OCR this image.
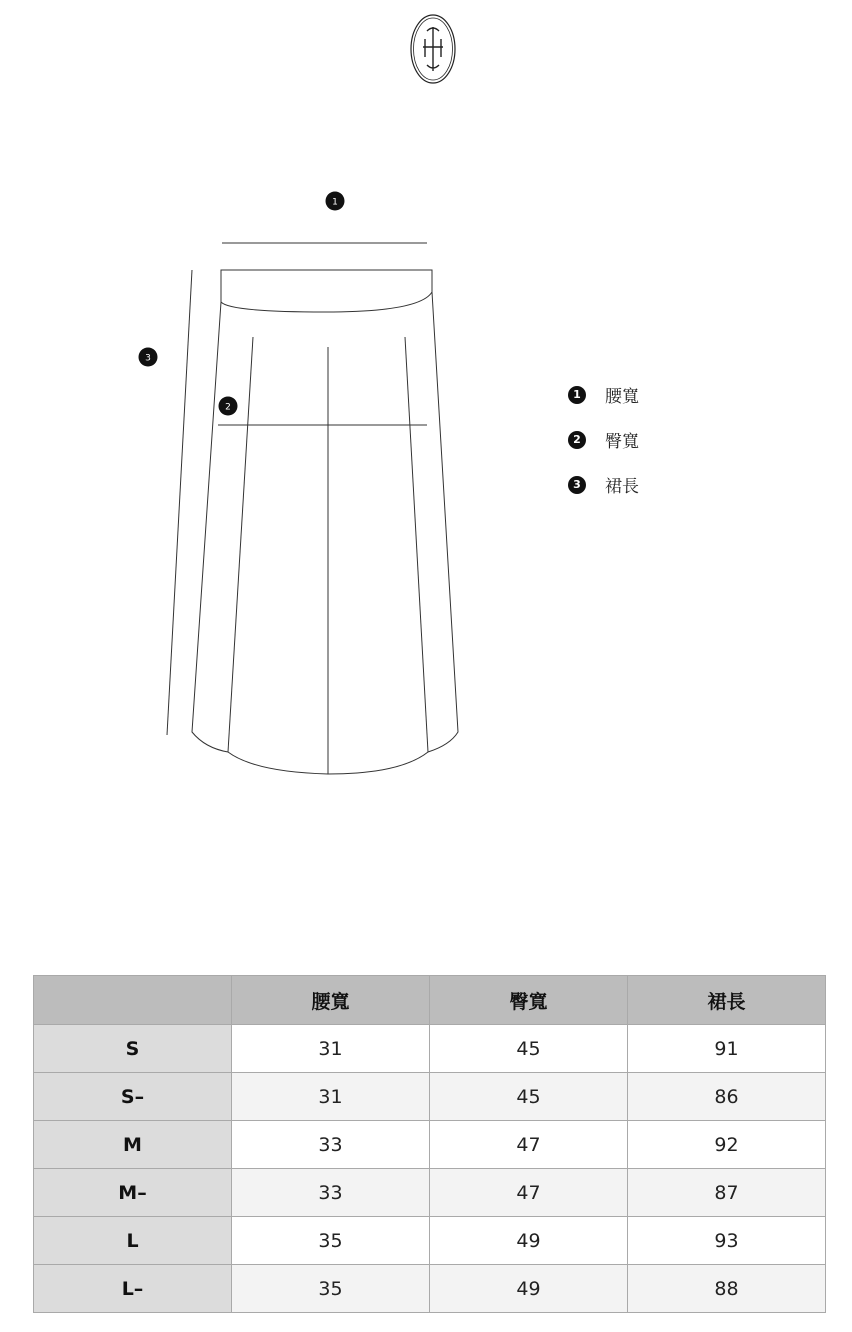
1
2
3
1	腰寬
2	臀寬
3	裙長
	腰寬	臀寬	裙長
S	31	45	91
S–	31	45	86
M	33	47	92
M–	33	47	87
L	35	49	93
L–	35	49	88
